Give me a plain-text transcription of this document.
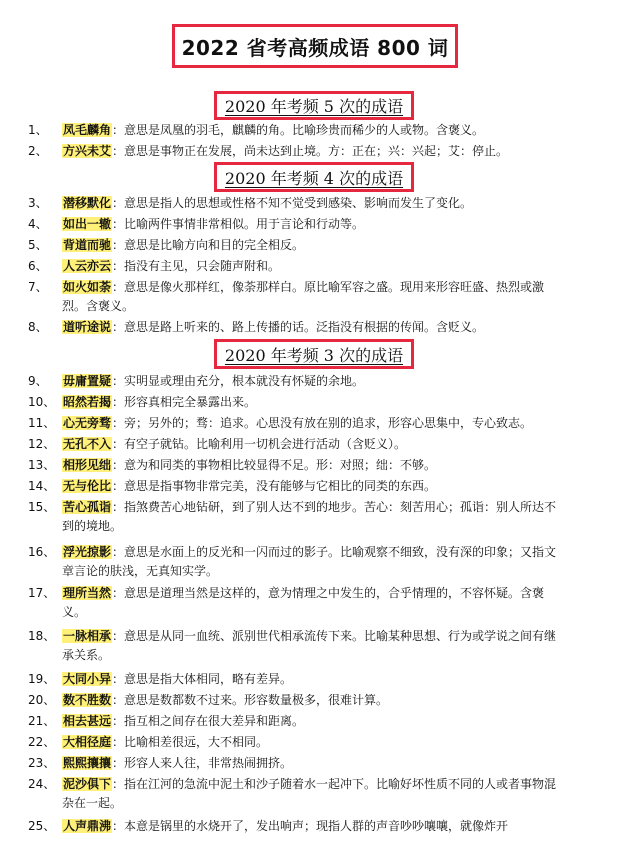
2022 省考高频成语 800 词
2020 年考频 5 次的成语
2020 年考频 4 次的成语
2020 年考频 3 次的成语
1、	凤毛麟角：意思是凤凰的羽毛，麒麟的角。比喻珍贵而稀少的人或物。含褒义。
2、	方兴未艾：意思是事物正在发展，尚未达到止境。方：正在；兴：兴起；艾：停止。
3、	潜移默化：意思是指人的思想或性格不知不觉受到感染、影响而发生了变化。
4、	如出一辙：比喻两件事情非常相似。用于言论和行动等。
5、	背道而驰：意思是比喻方向和目的完全相反。
6、	人云亦云：指没有主见，只会随声附和。
7、	如火如荼：意思是像火那样红，像荼那样白。原比喻军容之盛。现用来形容旺盛、热烈或激烈。含褒义。
8、	道听途说：意思是路上听来的、路上传播的话。泛指没有根据的传闻。含贬义。
9、	毋庸置疑：实明显或理由充分，根本就没有怀疑的余地。
10、 昭然若揭：形容真相完全暴露出来。
11、 心无旁骛：旁；另外的；骛：追求。心思没有放在别的追求，形容心思集中，专心致志。
12、 无孔不入：有空子就钻。比喻利用一切机会进行活动（含贬义）。
13、 相形见绌：意为和同类的事物相比较显得不足。形：对照；绌：不够。
14、 无与伦比：意思是指事物非常完美，没有能够与它相比的同类的东西。
15、 苦心孤诣：指煞费苦心地钻研，到了别人达不到的地步。苦心：刻苦用心；孤诣：别人所达不到的境地。
16、 浮光掠影：意思是水面上的反光和一闪而过的影子。比喻观察不细致，没有深的印象；又指文章言论的肤浅，无真知实学。
17、 理所当然：意思是道理当然是这样的，意为情理之中发生的，合乎情理的，不容怀疑。含褒义。
18、 一脉相承：意思是从同一血统、派别世代相承流传下来。比喻某种思想、行为或学说之间有继承关系。
19、 大同小异：意思是指大体相同，略有差异。
20、 数不胜数：意思是数都数不过来。形容数量极多，很难计算。
21、 相去甚远：指互相之间存在很大差异和距离。
22、 大相径庭：比喻相差很远，大不相同。
23、 熙熙攘攘：形容人来人往，非常热闹拥挤。
24、 泥沙俱下：指在江河的急流中泥土和沙子随着水一起冲下。比喻好坏性质不同的人或者事物混杂在一起。
25、 人声鼎沸：本意是锅里的水烧开了，发出响声；现指人群的声音吵吵嚷嚷，就像炸开
